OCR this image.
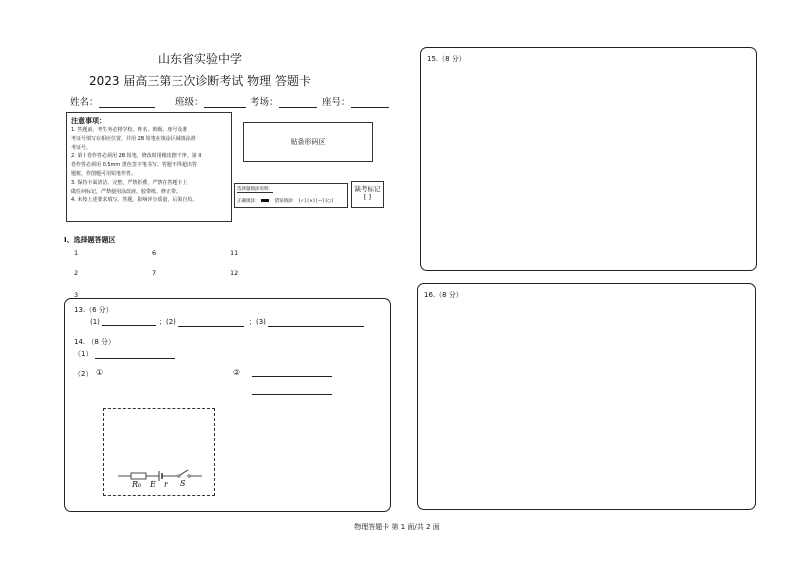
山东省实验中学
2023 届高三第三次诊断考试 物理 答题卡
姓名：	班级：	考场：	座号：
注意事项：
1. 答题前，考生务必将学校、姓名、班级、座号及准
考证号填写在相应位置，并用 2B 铅笔在填涂区域填涂准
考证号。
2. 第 I 卷作答必须用 2B 铅笔，修改时用橡皮擦干净。第 II
卷作答必须用 0.5mm 黑色签字笔书写。答题不得超出答
题框，作图题可用铅笔作答。
3. 保持卡面清洁、完整，严禁折叠，严禁在答题卡上
做任何标记，严禁使用涂改液、胶带纸、修正带。
4. 未按上述要求填写、答题，影响评分质量，后果自负。
贴条形码区
选择题填涂说明：
正确填涂：	错误填涂： [✓] [×] [—] [○]
缺考标记
[ ]
I、选择题答题区
1	6	11
2	7	12
3
13.（6 分）
(1)	；(2)	；(3)
14. （8 分）
（1）
（2） ①	②
R₀ E r S
15.（8 分）
16.（8 分）
物理答题卡 第 1 面/共 2 面
